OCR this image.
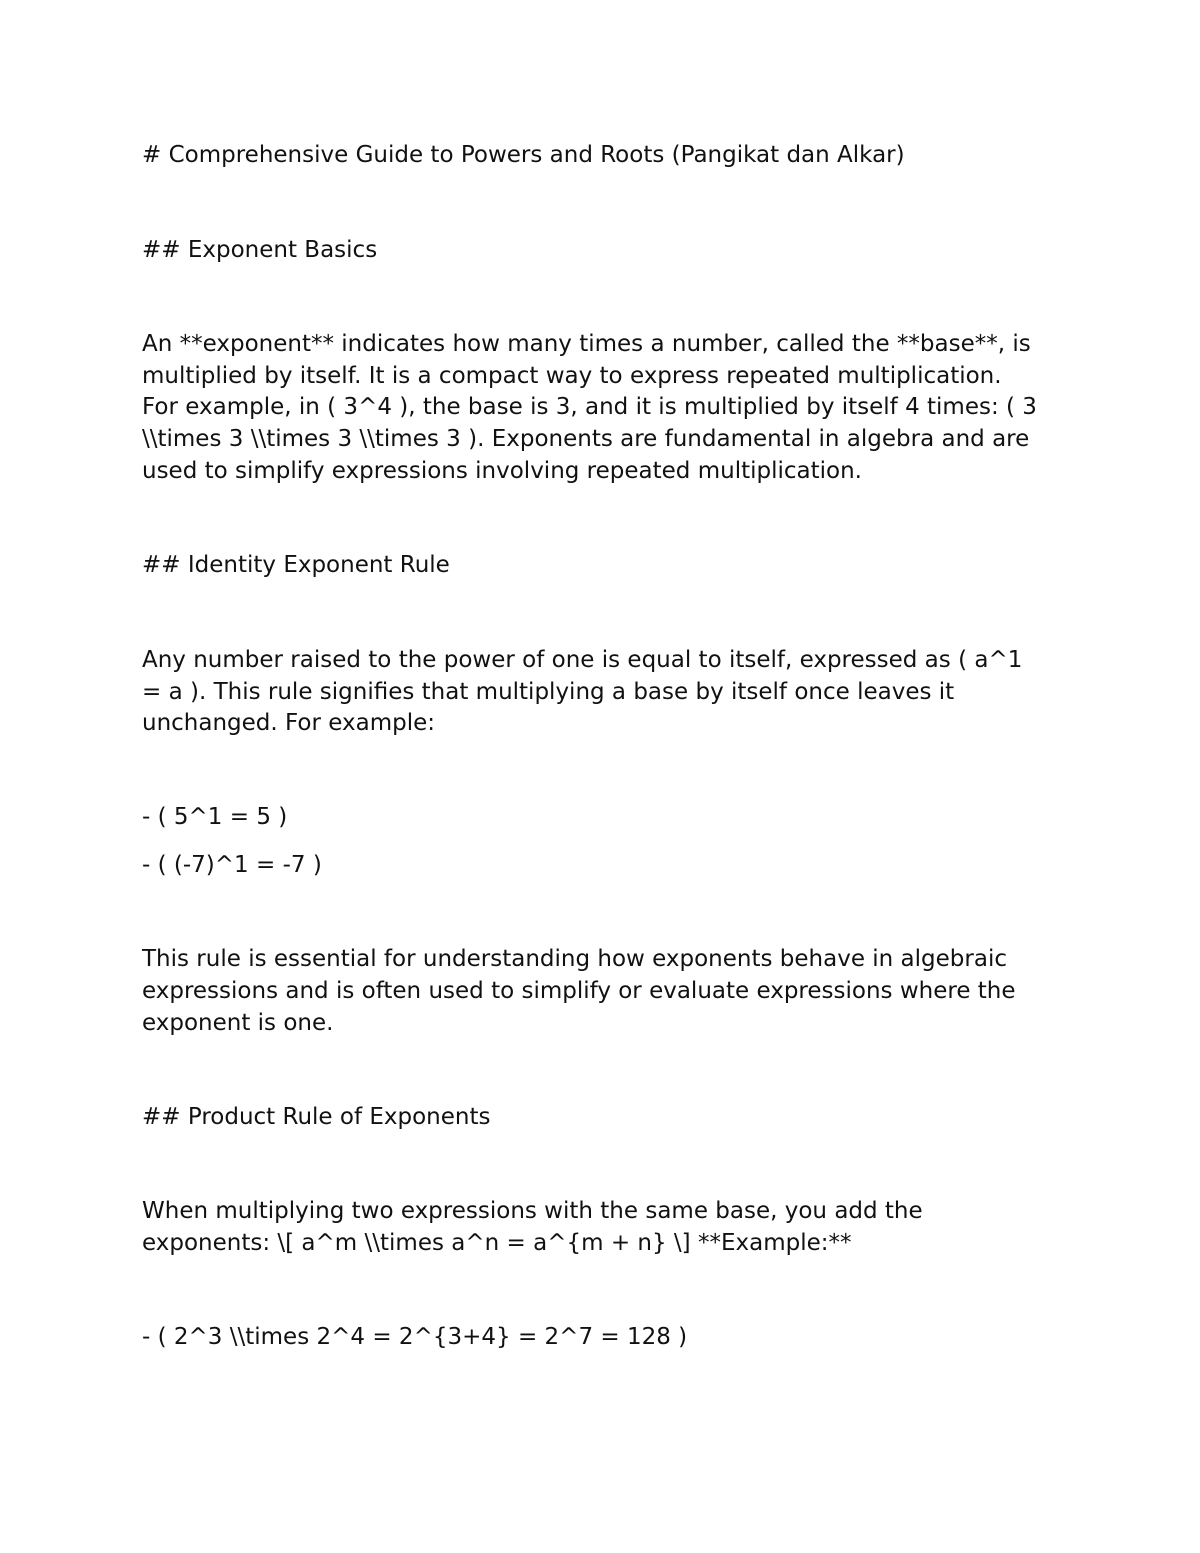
# Comprehensive Guide to Powers and Roots (Pangikat dan Alkar)
## Exponent Basics
An **exponent** indicates how many times a number, called the **base**, is
multiplied by itself. It is a compact way to express repeated multiplication.
For example, in ( 3^4 ), the base is 3, and it is multiplied by itself 4 times: ( 3
\\times 3 \\times 3 \\times 3 ). Exponents are fundamental in algebra and are
used to simplify expressions involving repeated multiplication.
## Identity Exponent Rule
Any number raised to the power of one is equal to itself, expressed as ( a^1
= a ). This rule signifies that multiplying a base by itself once leaves it
unchanged. For example:
- ( 5^1 = 5 )
- ( (-7)^1 = -7 )
This rule is essential for understanding how exponents behave in algebraic
expressions and is often used to simplify or evaluate expressions where the
exponent is one.
## Product Rule of Exponents
When multiplying two expressions with the same base, you add the
exponents: \[ a^m \\times a^n = a^{m + n} \] **Example:**
- ( 2^3 \\times 2^4 = 2^{3+4} = 2^7 = 128 )
